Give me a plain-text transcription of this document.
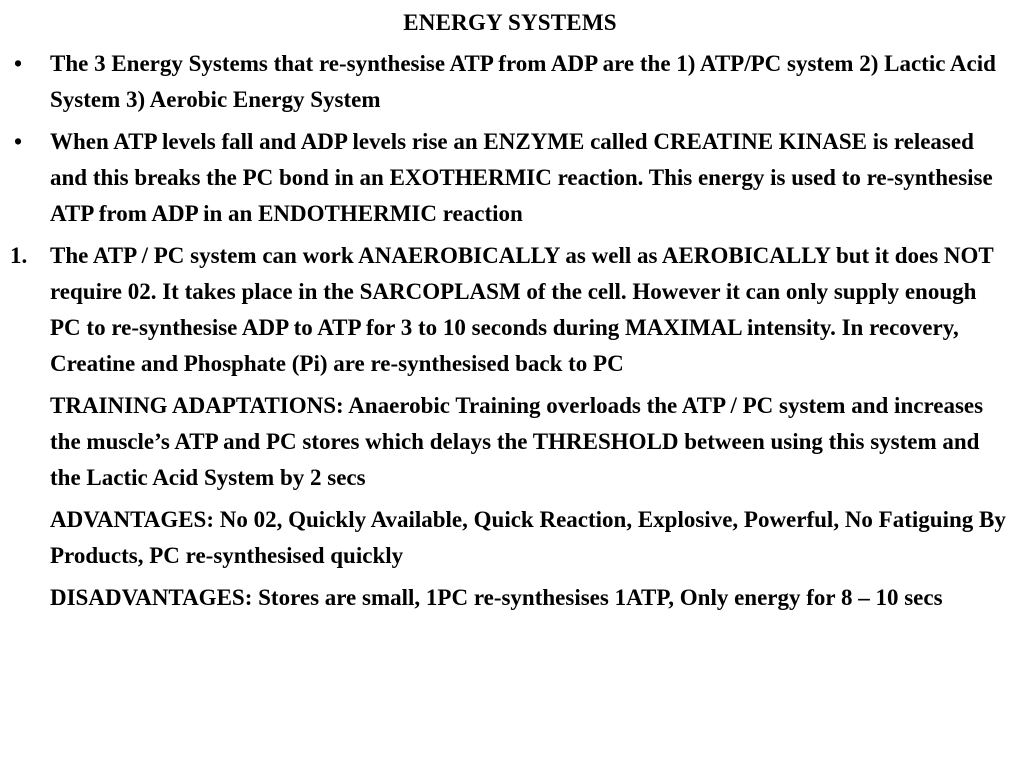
ENERGY SYSTEMS
•	The 3 Energy Systems that re-synthesise ATP from ADP are the 1) ATP/PC system 2) Lactic Acid System 3) Aerobic Energy System
•	When ATP levels fall and ADP levels rise an ENZYME called CREATINE KINASE is released and this breaks the PC bond in an EXOTHERMIC reaction. This energy is used to re-synthesise ATP from ADP in an ENDOTHERMIC reaction
1. The ATP / PC system can work ANAEROBICALLY as well as AEROBICALLY but it does NOT require 02. It takes place in the SARCOPLASM of the cell. However it can only supply enough PC to re-synthesise ADP to ATP for 3 to 10 seconds during MAXIMAL intensity. In recovery, Creatine and Phosphate (Pi) are re-synthesised back to PC
TRAINING ADAPTATIONS: Anaerobic Training overloads the ATP / PC system and increases the muscle’s ATP and PC stores which delays the THRESHOLD between using this system and the Lactic Acid System by 2 secs
ADVANTAGES: No 02, Quickly Available, Quick Reaction, Explosive, Powerful, No Fatiguing By Products, PC re-synthesised quickly
DISADVANTAGES: Stores are small, 1PC re-synthesises 1ATP, Only energy for 8 – 10 secs
